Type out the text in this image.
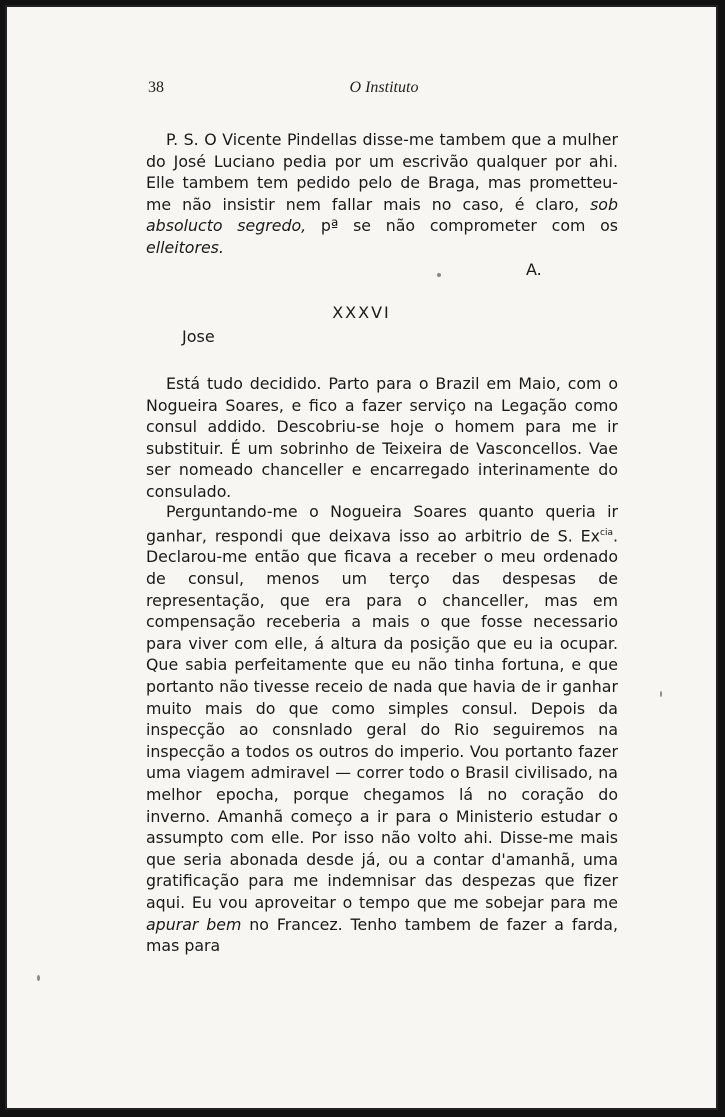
38	O Instituto

P. S. O Vicente Pindellas disse-me tambem que a mulher do José Luciano pedia por um escrivão qualquer por ahi. Elle tambem tem pedido pelo de Braga, mas prometteu-me não insistir nem fallar mais no caso, é claro, sob absolucto segredo, pª se não comprometer com os elleitores.

A.
XXXVI
Jose

Está tudo decidido. Parto para o Brazil em Maio, com o Nogueira Soares, e fico a fazer serviço na Legação como consul addido. Descobriu-se hoje o homem para me ir substituir. É um sobrinho de Teixeira de Vasconcellos. Vae ser nomeado chanceller e encarregado interinamente do consulado.

Perguntando-me o Nogueira Soares quanto queria ir ganhar, respondi que deixava isso ao arbitrio de S. $Ex^{cia}$. Declarou-me então que ficava a receber o meu ordenado de consul, menos um terço das despesas de representação, que era para o chanceller, mas em compensação receberia a mais o que fosse necessario para viver com elle, á altura da posição que eu ia ocupar. Que sabia perfeitamente que eu não tinha fortuna, e que portanto não tivesse receio de nada que havia de ir ganhar muito mais do que como simples consul. Depois da inspecção ao consnlado geral do Rio seguiremos na inspecção a todos os outros do imperio. Vou portanto fazer uma viagem admiravel — correr todo o Brasil civilisado, na melhor epocha, porque chegamos lá no coração do inverno. Amanhã começo a ir para o Ministerio estudar o assumpto com elle. Por isso não volto ahi. Disse-me mais que seria abonada desde já, ou a contar d'amanhã, uma gratificação para me indemnisar das despezas que fizer aqui. Eu vou aproveitar o tempo que me sobejar para me apurar bem no Francez. Tenho tambem de fazer a farda, mas para
